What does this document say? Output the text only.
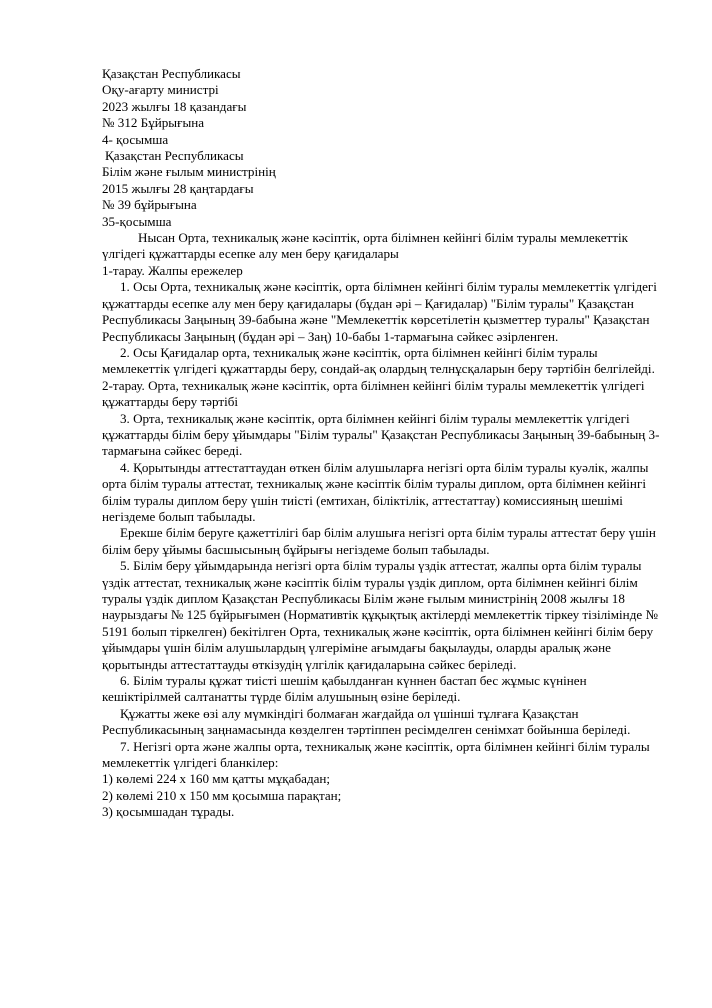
Қазақстан Республикасы

Оқу-ағарту министрі

2023 жылғы 18 қазандағы

№ 312 Бұйрығына

4- қосымша

Қазақстан Республикасы

Білім және ғылым министрінің

2015 жылғы 28 қаңтардағы

№ 39 бұйрығына

35-қосымша

Нысан Орта, техникалық және кәсіптік, орта білімнен кейінгі білім туралы мемлекеттік үлгідегі құжаттарды есепке алу мен беру қағидалары

1-тарау. Жалпы ережелер

1. Осы Орта, техникалық және кәсіптік, орта білімнен кейінгі білім туралы мемлекеттік үлгідегі құжаттарды есепке алу мен беру қағидалары (бұдан әрі – Қағидалар) "Білім туралы" Қазақстан Республикасы Заңының 39-бабына және "Мемлекеттік көрсетілетін қызметтер туралы" Қазақстан Республикасы Заңының (бұдан әрі – Заң) 10-бабы 1-тармағына сәйкес әзірленген.

2. Осы Қағидалар орта, техникалық және кәсіптік, орта білімнен кейінгі білім туралы мемлекеттік үлгідегі құжаттарды беру, сондай-ақ олардың телнұсқаларын беру тәртібін белгілейді.

2-тарау. Орта, техникалық және кәсіптік, орта білімнен кейінгі білім туралы мемлекеттік үлгідегі құжаттарды беру тәртібі

3. Орта, техникалық және кәсіптік, орта білімнен кейінгі білім туралы мемлекеттік үлгідегі құжаттарды білім беру ұйымдары "Білім туралы" Қазақстан Республикасы Заңының 39-бабының 3-тармағына сәйкес береді.

4. Қорытынды аттестаттаудан өткен білім алушыларға негізгі орта білім туралы куәлік, жалпы орта білім туралы аттестат, техникалық және кәсіптік білім туралы диплом, орта білімнен кейінгі білім туралы диплом беру үшін тиісті (емтихан, біліктілік, аттестаттау) комиссияның шешімі негіздеме болып табылады.

Ерекше білім беруге қажеттілігі бар білім алушыға негізгі орта білім туралы аттестат беру үшін білім беру ұйымы басшысының бұйрығы негіздеме болып табылады.

5. Білім беру ұйымдарында негізгі орта білім туралы үздік аттестат, жалпы орта білім туралы үздік аттестат, техникалық және кәсіптік білім туралы үздік диплом, орта білімнен кейінгі білім туралы үздік диплом Қазақстан Республикасы Білім және ғылым министрінің 2008 жылғы 18 наурыздағы № 125 бұйрығымен (Нормативтік құқықтық актілерді мемлекеттік тіркеу тізілімінде № 5191 болып тіркелген) бекітілген Орта, техникалық және кәсіптік, орта білімнен кейінгі білім беру ұйымдары үшін білім алушылардың үлгеріміне ағымдағы бақылауды, оларды аралық және қорытынды аттестаттауды өткізудің үлгілік қағидаларына сәйкес беріледі.

6. Білім туралы құжат тиісті шешім қабылданған күннен бастап бес жұмыс күнінен кешіктірілмей салтанатты түрде білім алушының өзіне беріледі.

Құжатты жеке өзі алу мүмкіндігі болмаған жағдайда ол үшінші тұлғаға Қазақстан Республикасының заңнамасында көзделген тәртіппен ресімделген сенімхат бойынша беріледі.

7. Негізгі орта және жалпы орта, техникалық және кәсіптік, орта білімнен кейінгі білім туралы мемлекеттік үлгідегі бланкілер:

1) көлемі 224 х 160 мм қатты мұқабадан;

2) көлемі 210 х 150 мм қосымша парақтан;

3) қосымшадан тұрады.
